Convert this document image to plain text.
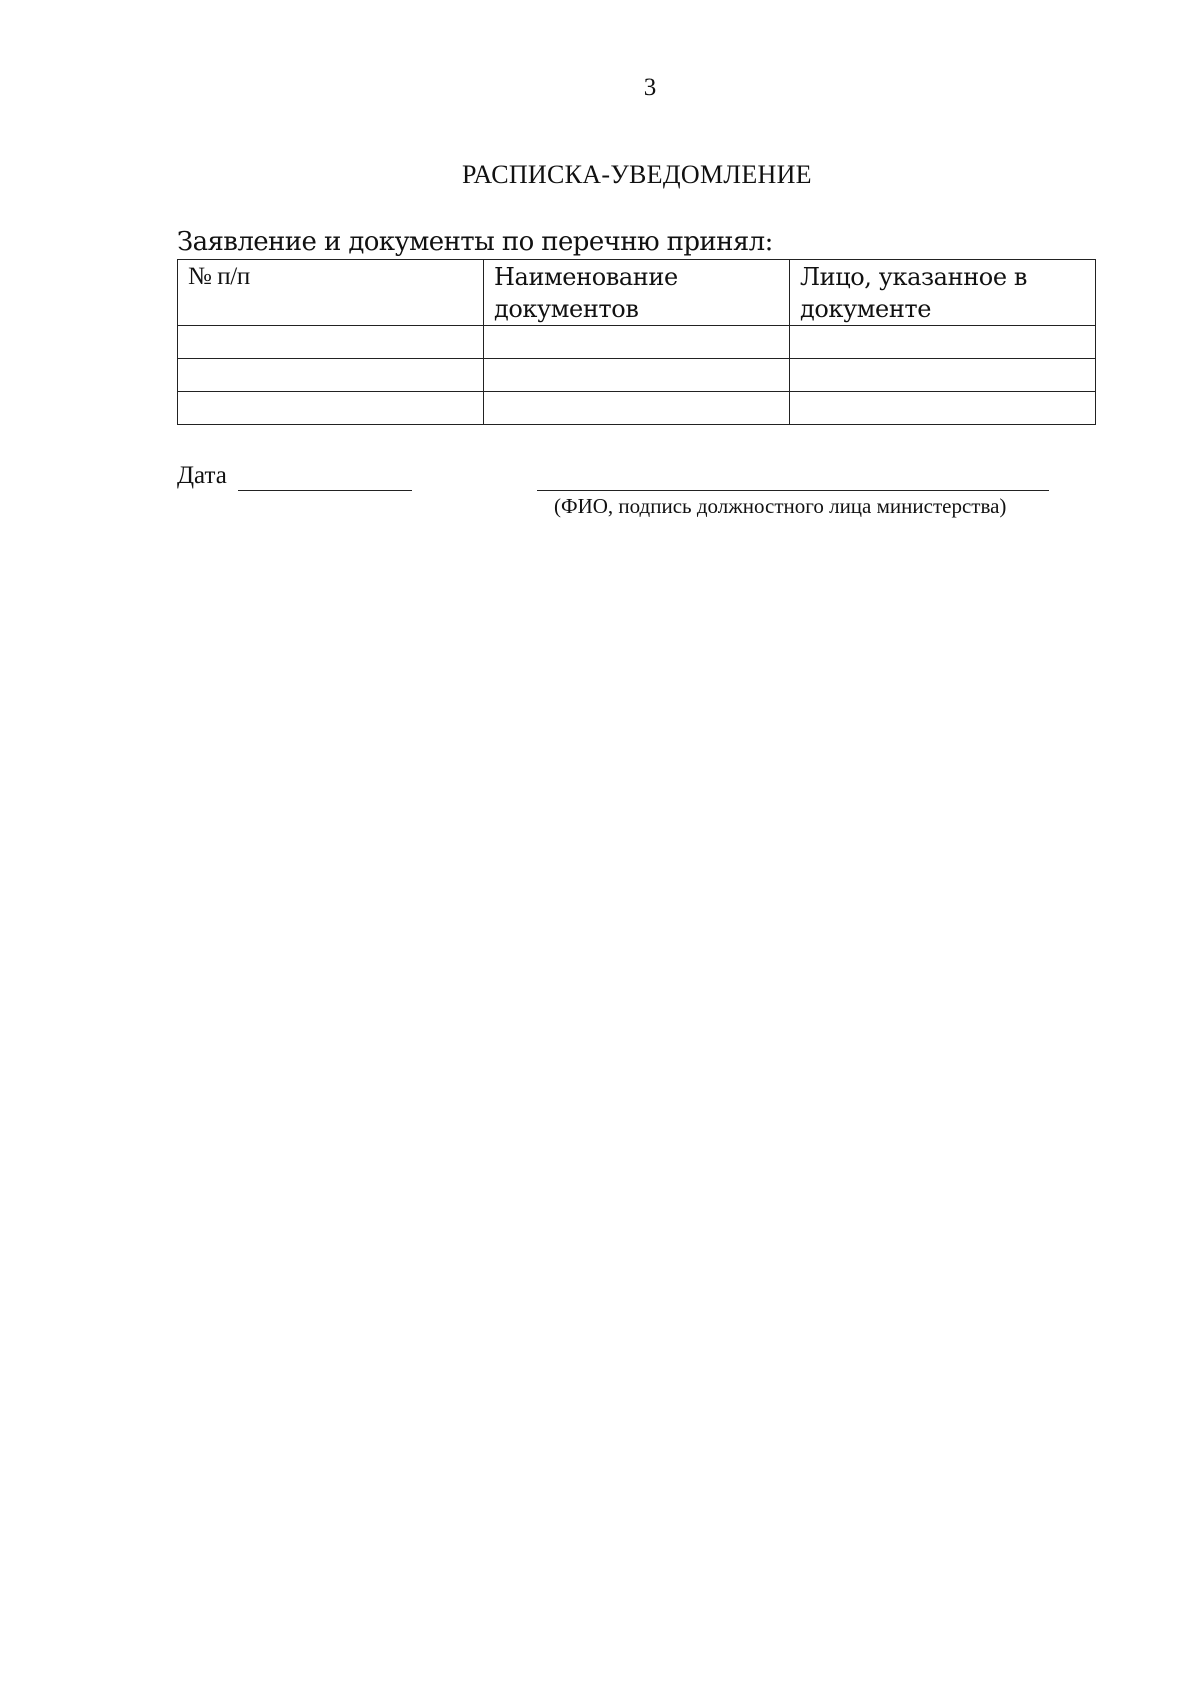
3
РАСПИСКА-УВЕДОМЛЕНИЕ
Заявление и документы по перечню принял:
№ п/п	Наименование документов	Лицо, указанное в документе

Дата
(ФИО, подпись должностного лица министерства)
